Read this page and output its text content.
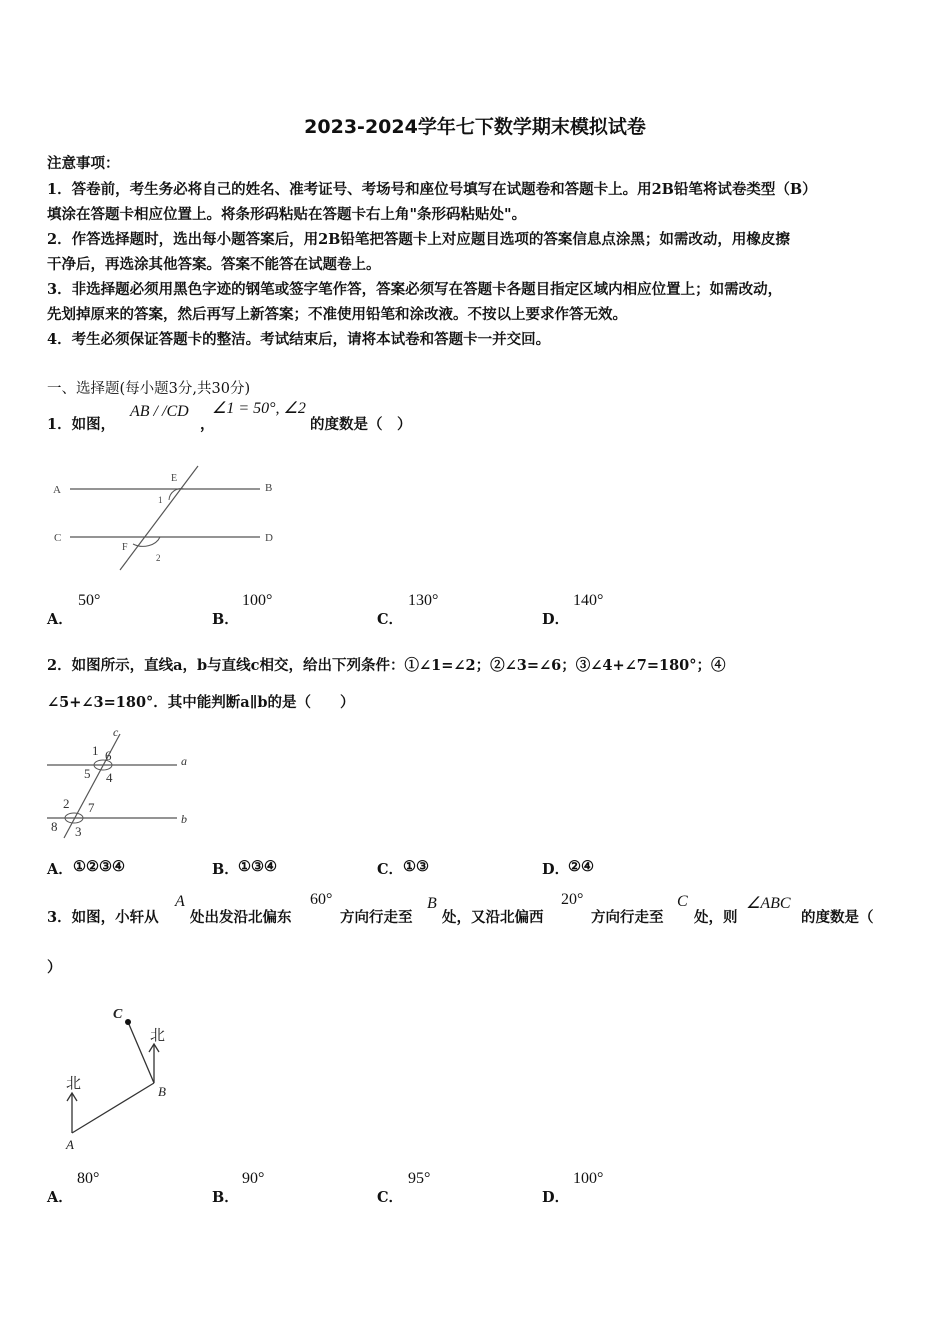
2023-2024学年七下数学期末模拟试卷
注意事项：
1．答卷前，考生务必将自己的姓名、准考证号、考场号和座位号填写在试题卷和答题卡上。用2B铅笔将试卷类型（B）
填涂在答题卡相应位置上。将条形码粘贴在答题卡右上角"条形码粘贴处"。
2．作答选择题时，选出每小题答案后，用2B铅笔把答题卡上对应题目选项的答案信息点涂黑；如需改动，用橡皮擦
干净后，再选涂其他答案。答案不能答在试题卷上。
3．非选择题必须用黑色字迹的钢笔或签字笔作答，答案必须写在答题卡各题目指定区域内相应位置上；如需改动，
先划掉原来的答案，然后再写上新答案；不准使用铅笔和涂改液。不按以上要求作答无效。
4．考生必须保证答题卡的整洁。考试结束后，请将本试卷和答题卡一并交回。
一、选择题(每小题3分,共30分)
1．如图，
AB / /CD
，
∠1 = 50°, ∠2
的度数是（　）
A	B
C	D
E
F
1
2
A．
50°
B．
100°
C．
130°
D．
140°
2．如图所示，直线a，b与直线c相交，给出下列条件：①∠1=∠2；②∠3=∠6；③∠4+∠7=180°；④
∠5+∠3=180°．其中能判断a∥b的是（　　）
c
1 6
5 4
a
2 7
8 3
b
A． ①②③④	B． ①③④	C． ①③	D．
②④
3．如图，小轩从
A
处出发沿北偏东
60°
方向行走至
B
处，又沿北偏西
20°
方向行走至
C
处，则
∠ABC
的度数是（
）
C
北
北	B
A
A．
80°
B．
90°
C．
95°
D．
100°
